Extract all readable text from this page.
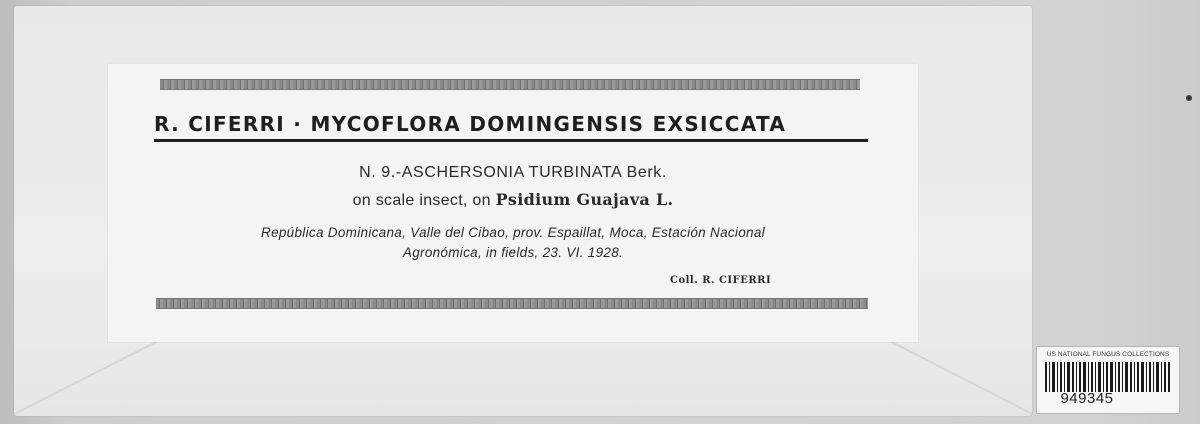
R. CIFERRI · MYCOFLORA DOMINGENSIS EXSICCATA
N. 9.-ASCHERSONIA TURBINATA Berk.
on scale insect, on Psidium Guajava L.
República Dominicana, Valle del Cibao, prov. Espaillat, Moca, Estación Nacional
Agronómica, in fields, 23. VI. 1928.
Coll. R. CIFERRI
US NATIONAL FUNGUS COLLECTIONS
949345
